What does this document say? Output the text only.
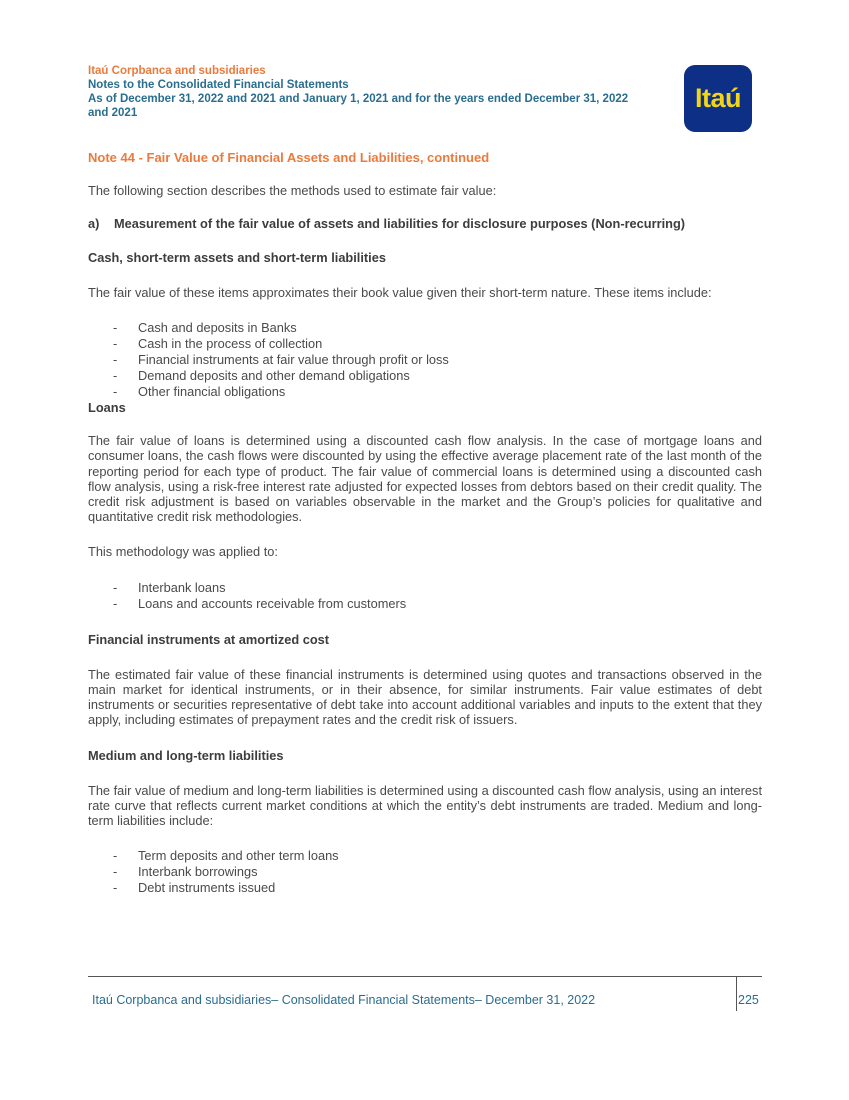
Itaú Corpbanca and subsidiaries
Notes to the Consolidated Financial Statements
As of December 31, 2022 and 2021 and January 1, 2021 and for the years ended December 31, 2022
and 2021	Itaú

Note 44 - Fair Value of Financial Assets and Liabilities, continued

The following section describes the methods used to estimate fair value:

a)	Measurement of the fair value of assets and liabilities for disclosure purposes (Non-recurring)

Cash, short-term assets and short-term liabilities

The fair value of these items approximates their book value given their short-term nature. These items include:

- Cash and deposits in Banks
- Cash in the process of collection
- Financial instruments at fair value through profit or loss
- Demand deposits and other demand obligations
- Other financial obligations

Loans

The fair value of loans is determined using a discounted cash flow analysis. In the case of mortgage loans and consumer loans, the cash flows were discounted by using the effective average placement rate of the last month of the reporting period for each type of product. The fair value of commercial loans is determined using a discounted cash flow analysis, using a risk-free interest rate adjusted for expected losses from debtors based on their credit quality. The credit risk adjustment is based on variables observable in the market and the Group’s policies for qualitative and quantitative credit risk methodologies.

This methodology was applied to:

- Interbank loans
- Loans and accounts receivable from customers

Financial instruments at amortized cost

The estimated fair value of these financial instruments is determined using quotes and transactions observed in the main market for identical instruments, or in their absence, for similar instruments. Fair value estimates of debt instruments or securities representative of debt take into account additional variables and inputs to the extent that they apply, including estimates of prepayment rates and the credit risk of issuers.

Medium and long-term liabilities

The fair value of medium and long-term liabilities is determined using a discounted cash flow analysis, using an interest rate curve that reflects current market conditions at which the entity’s debt instruments are traded. Medium and long-term liabilities include:

- Term deposits and other term loans
- Interbank borrowings
- Debt instruments issued
Itaú Corpbanca and subsidiaries– Consolidated Financial Statements– December 31, 2022	225
